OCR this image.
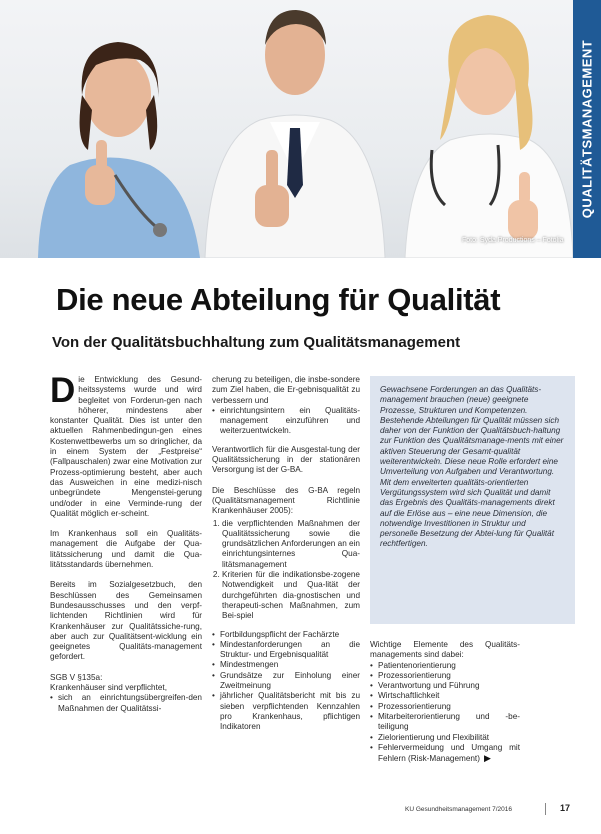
Foto: Syda Productions – Fotolia
QUALITÄTSMANAGEMENT
Die neue Abteilung für Qualität
Von der Qualitätsbuchhaltung zum Qualitätsmanagement

Die Entwicklung des Gesund-heitssystems wurde und wird begleitet von Forderun-gen nach höherer, mindestens aber konstanter Qualität. Dies ist unter den aktuellen Rahmenbedingun-gen eines Kostenwettbewerbs um so dringlicher, da in einem System der „Festpreise“ (Fallpauschalen) zwar eine Motivation zur Prozess-optimierung besteht, aber auch das Ausweichen in eine medizi-nisch unbegründete Mengenstei-gerung und/oder in eine Verminde-rung der Qualität möglich er-scheint.

Im Krankenhaus soll ein Qualitäts-management die Aufgabe der Qua-litätssicherung und damit die Qua-litätsstandards übernehmen.

Bereits im Sozialgesetzbuch, den Beschlüssen des Gemeinsamen Bundesausschusses und den verpf-lichtenden Richtlinien wird für Krankenhäuser zur Qualitätssiche-rung, aber auch zur Qualitätsent-wicklung ein geeignetes Qualitäts-management gefordert.

SGB V §135a:
Krankenhäuser sind verpflichtet,

• sich an einrichtungsübergreifen-den Maßnahmen der Qualitätssi-

cherung zu beteiligen, die insbe-sondere zum Ziel haben, die Er-gebnisqualität zu verbessern und

• einrichtungsintern ein Qualitäts-management einzuführen und weiterzuentwickeln.

Verantwortlich für die Ausgestal-tung der Qualitätssicherung in der stationären Versorgung ist der G-BA.

Die Beschlüsse des G-BA regeln (Qualitätsmanagement Richtlinie Krankenhäuser 2005):

1. die verpflichtenden Maßnahmen der Qualitätssicherung sowie die grundsätzlichen Anforderungen an ein einrichtungsinternes Qua-litätsmanagement
2. Kriterien für die indikationsbe-zogene Notwendigkeit und Qua-lität der durchgeführten dia-gnostischen und therapeuti-schen Maßnahmen, zum Bei-spiel
• Fortbildungspflicht der Fachärzte
• Mindestanforderungen an die Struktur- und Ergebnisqualität
• Mindestmengen
• Grundsätze zur Einholung einer Zweitmeinung
• jährlicher Qualitätsbericht mit bis zu sieben verpflichtenden Kennzahlen pro Krankenhaus, pflichtigen Indikatoren
Gewachsene Forderungen an das Qualitäts-management brauchen (neue) geeignete Prozesse, Strukturen und Kompetenzen. Bestehende Abteilungen für Qualität müssen sich daher von der Funktion der Qualitätsbuch-haltung zur Funktion des Qualitätsmanage-ments mit einer aktiven Steuerung der Gesamt-qualität weiterentwickeln. Diese neue Rolle erfordert eine Umverteilung von Aufgaben und Verantwortung. Mit dem erweiterten qualitäts-orientierten Vergütungssystem wird sich Qualität und damit das Ergebnis des Qualitäts-managements direkt auf die Erlöse aus – eine neue Dimension, die notwendige Investitionen in Struktur und personelle Besetzung der Abtei-lung für Qualität rechtfertigen.

Wichtige Elemente des Qualitäts-managements sind dabei:

• Patientenorientierung
• Prozessorientierung
• Verantwortung und Führung
• Wirtschaftlichkeit
• Prozessorientierung
• Mitarbeiterorientierung und -be-teiligung
• Zielorientierung und Flexibilität
• Fehlervermeidung und Umgang mit Fehlern (Risk-Management) ▶
KU Gesundheitsmanagement 7/2016	17
